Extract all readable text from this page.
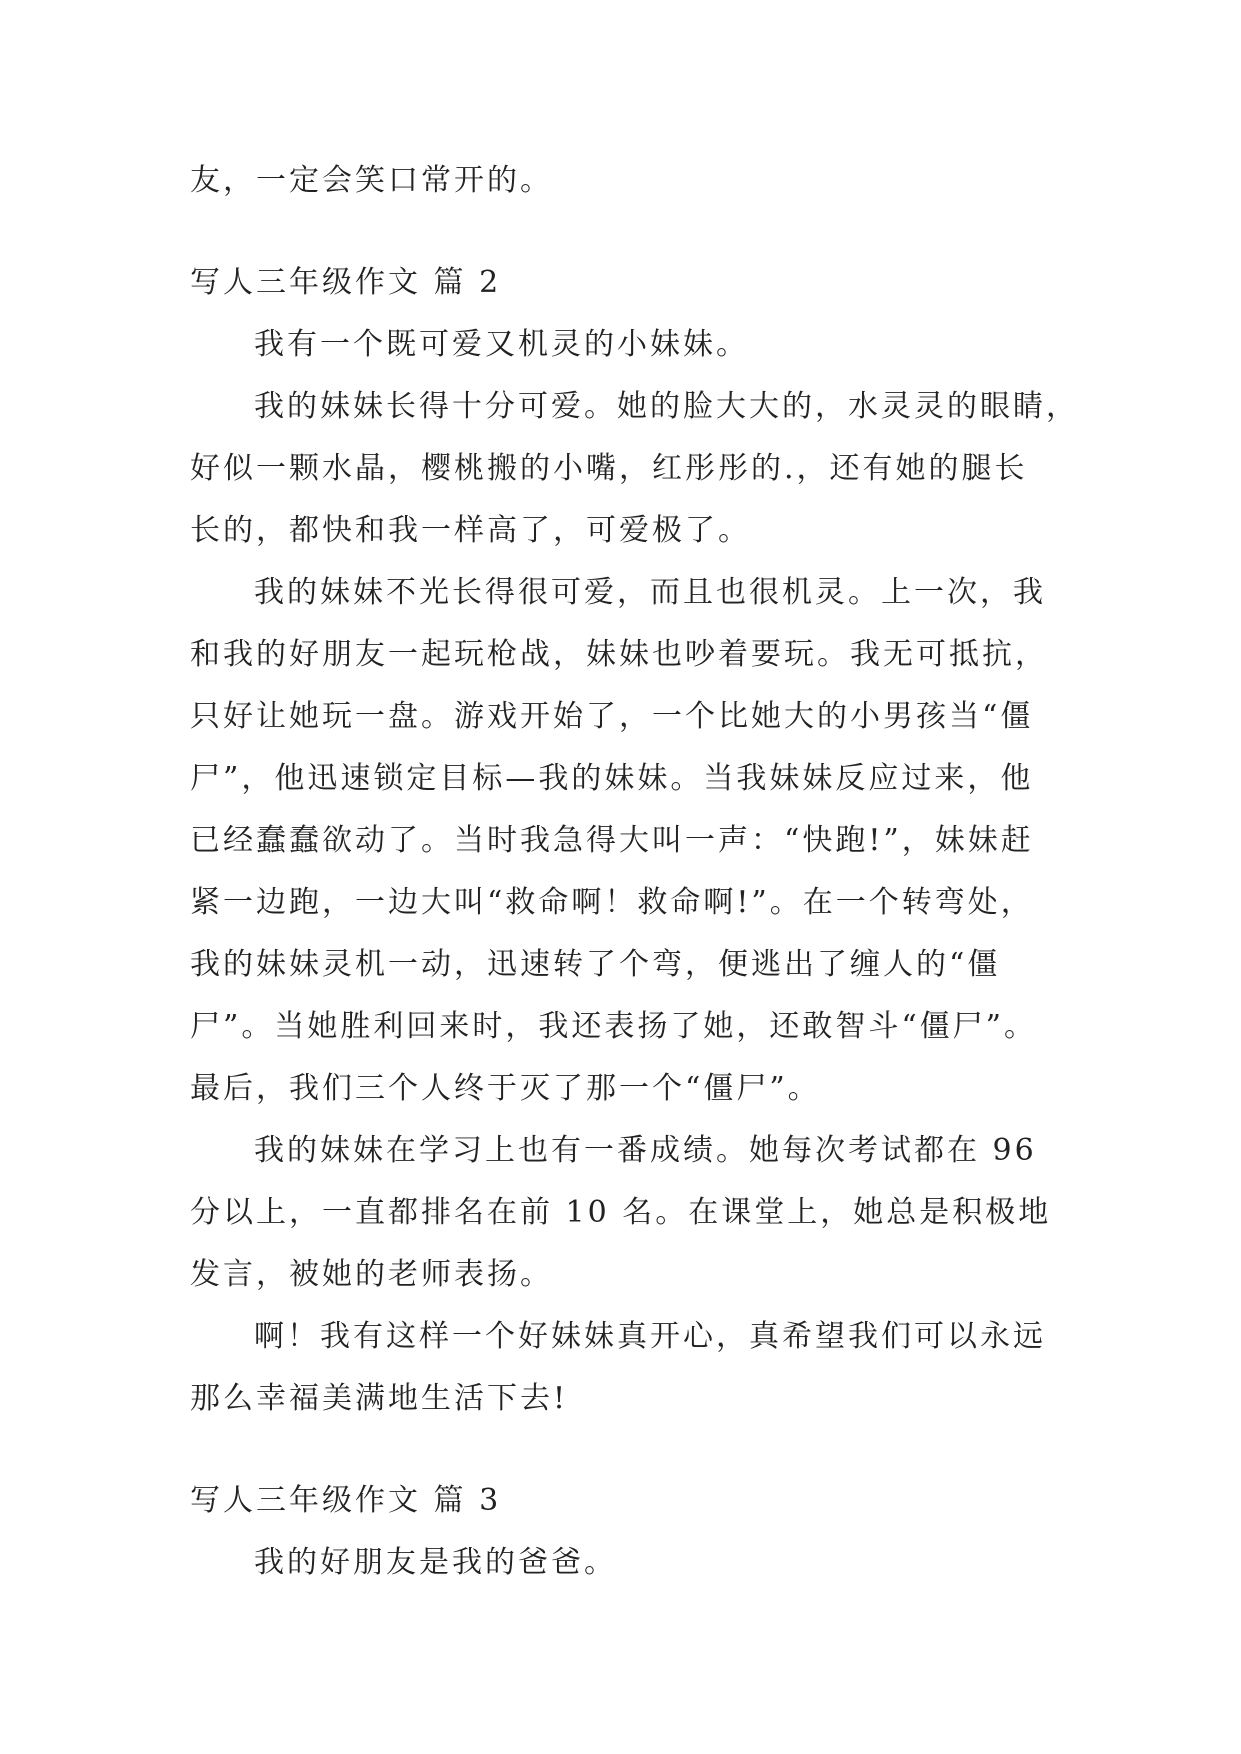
友，一定会笑口常开的。
写人三年级作文 篇 2
我有一个既可爱又机灵的小妹妹。
我的妹妹长得十分可爱。她的脸大大的，水灵灵的眼睛，
好似一颗水晶，樱桃搬的小嘴，红彤彤的.，还有她的腿长
长的，都快和我一样高了，可爱极了。
我的妹妹不光长得很可爱，而且也很机灵。上一次，我
和我的好朋友一起玩枪战，妹妹也吵着要玩。我无可抵抗，
只好让她玩一盘。游戏开始了，一个比她大的小男孩当“僵
尸”，他迅速锁定目标—我的妹妹。当我妹妹反应过来，他
已经蠢蠢欲动了。当时我急得大叫一声：“快跑!”，妹妹赶
紧一边跑，一边大叫“救命啊！救命啊!”。在一个转弯处，
我的妹妹灵机一动，迅速转了个弯，便逃出了缠人的“僵
尸”。当她胜利回来时，我还表扬了她，还敢智斗“僵尸”。
最后，我们三个人终于灭了那一个“僵尸”。
我的妹妹在学习上也有一番成绩。她每次考试都在 96
分以上，一直都排名在前 10 名。在课堂上，她总是积极地
发言，被她的老师表扬。
啊！我有这样一个好妹妹真开心，真希望我们可以永远
那么幸福美满地生活下去!
写人三年级作文 篇 3
我的好朋友是我的爸爸。
